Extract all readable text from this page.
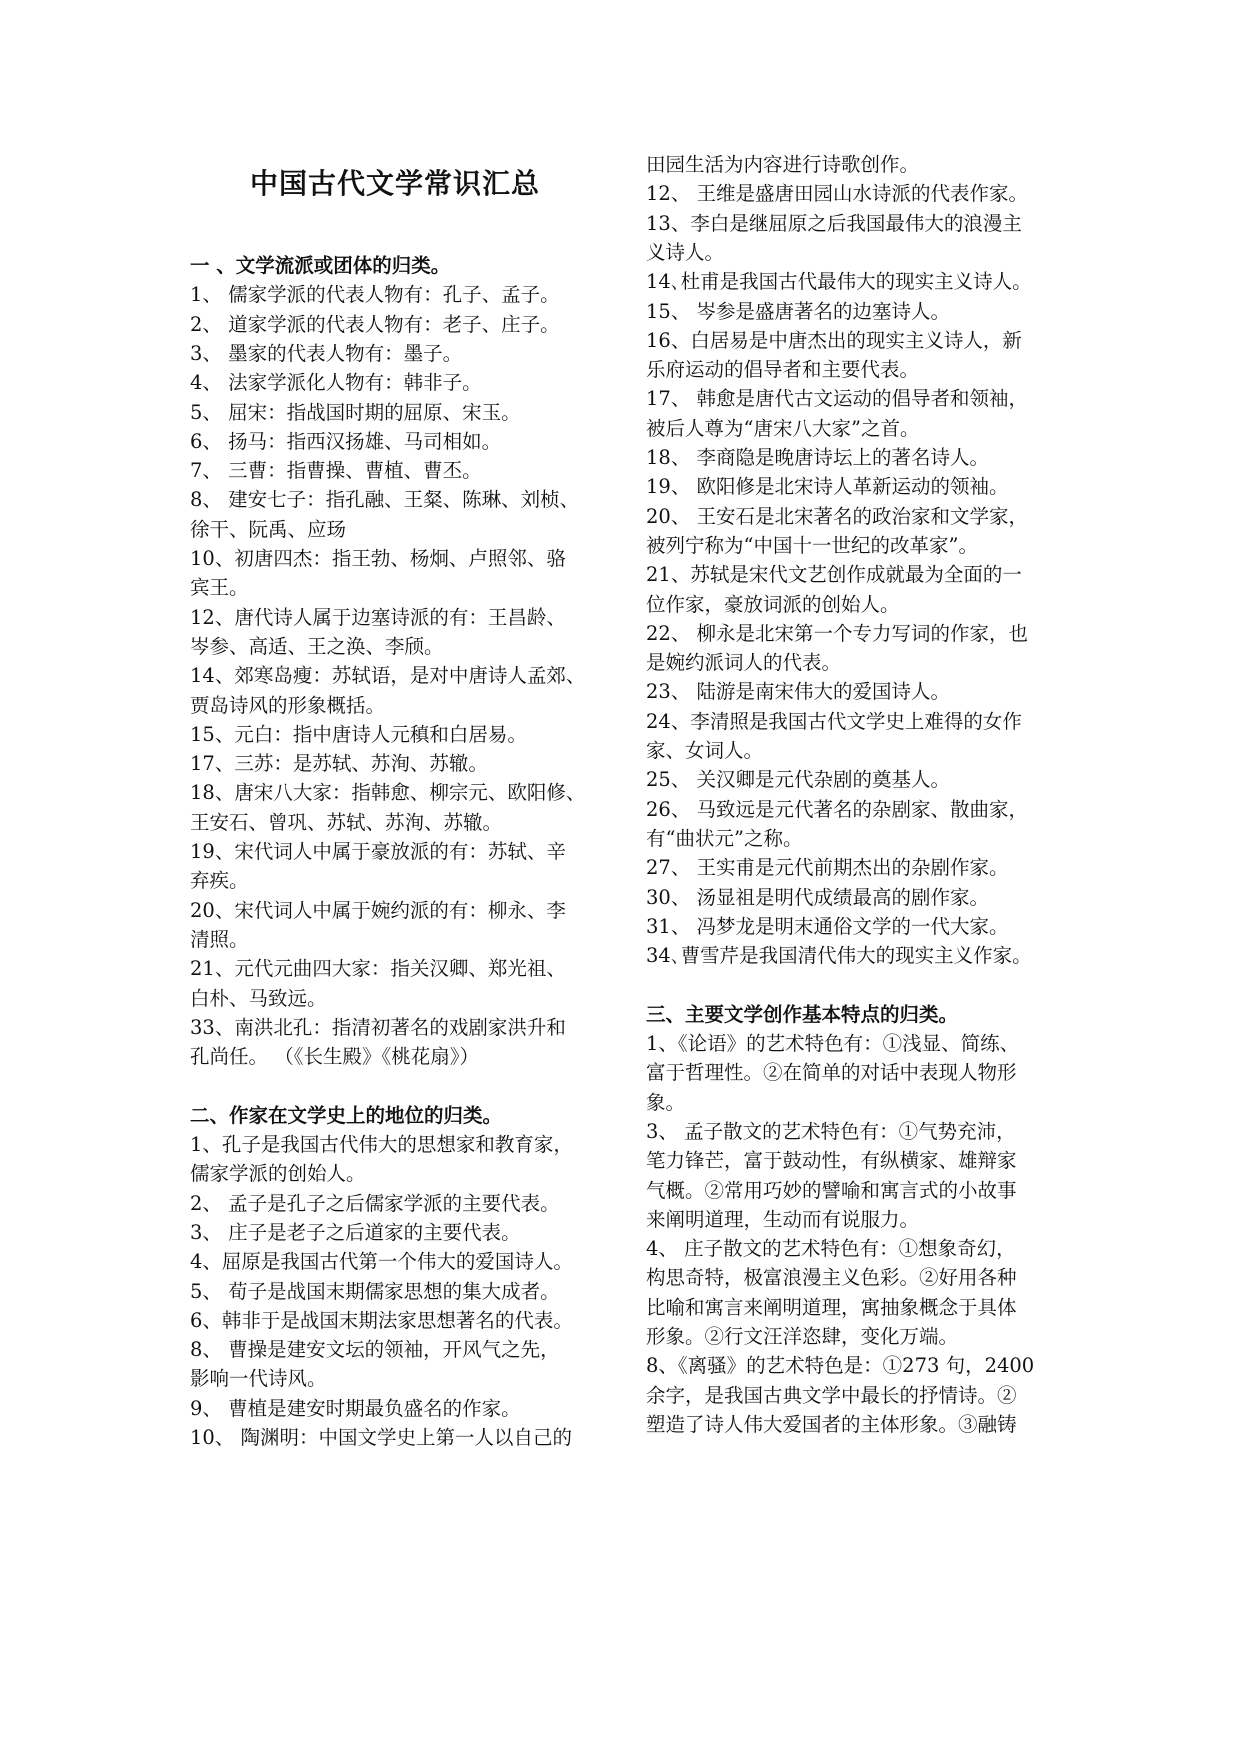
中国古代文学常识汇总
一 、文学流派或团体的归类。
1、 儒家学派的代表人物有：孔子、孟子。
2、 道家学派的代表人物有：老子、庄子。
3、 墨家的代表人物有：墨子。
4、 法家学派化人物有：韩非子。
5、 屈宋：指战国时期的屈原、宋玉。
6、 扬马：指西汉扬雄、马司相如。
7、 三曹：指曹操、曹植、曹丕。
8、 建安七子：指孔融、王粲、陈琳、刘桢、
徐干、阮禹、应玚
10、初唐四杰：指王勃、杨炯、卢照邻、骆
宾王。
12、唐代诗人属于边塞诗派的有：王昌龄、
岑参、高适、王之涣、李颀。
14、郊寒岛瘦：苏轼语，是对中唐诗人孟郊、
贾岛诗风的形象概括。
15、元白：指中唐诗人元稹和白居易。
17、三苏：是苏轼、苏洵、苏辙。
18、唐宋八大家：指韩愈、柳宗元、欧阳修、
王安石、曾巩、苏轼、苏洵、苏辙。
19、宋代词人中属于豪放派的有：苏轼、辛
弃疾。
20、宋代词人中属于婉约派的有：柳永、李
清照。
21、元代元曲四大家：指关汉卿、郑光祖、
白朴、马致远。
33、南洪北孔：指清初著名的戏剧家洪升和
孔尚任。 （《长生殿》《桃花扇》）
二、作家在文学史上的地位的归类。
1、孔子是我国古代伟大的思想家和教育家，
儒家学派的创始人。
2、 孟子是孔子之后儒家学派的主要代表。
3、 庄子是老子之后道家的主要代表。
4、屈原是我国古代第一个伟大的爱国诗人。
5、 荀子是战国末期儒家思想的集大成者。
6、韩非于是战国末期法家思想著名的代表。
8、 曹操是建安文坛的领袖，开风气之先，
影响一代诗风。
9、 曹植是建安时期最负盛名的作家。
10、 陶渊明：中国文学史上第一人以自己的
田园生活为内容进行诗歌创作。
12、 王维是盛唐田园山水诗派的代表作家。
13、李白是继屈原之后我国最伟大的浪漫主
义诗人。
14､杜甫是我国古代最伟大的现实主义诗人。
15、 岑参是盛唐著名的边塞诗人。
16、白居易是中唐杰出的现实主义诗人，新
乐府运动的倡导者和主要代表。
17、 韩愈是唐代古文运动的倡导者和领袖，
被后人尊为“唐宋八大家”之首。
18、 李商隐是晚唐诗坛上的著名诗人。
19、 欧阳修是北宋诗人革新运动的领袖。
20、 王安石是北宋著名的政治家和文学家，
被列宁称为“中国十一世纪的改革家”。
21、苏轼是宋代文艺创作成就最为全面的一
位作家，豪放词派的创始人。
22、 柳永是北宋第一个专力写词的作家，也
是婉约派词人的代表。
23、 陆游是南宋伟大的爱国诗人。
24、李清照是我国古代文学史上难得的女作
家、女词人。
25、 关汉卿是元代杂剧的奠基人。
26、 马致远是元代著名的杂剧家、散曲家，
有“曲状元”之称。
27、 王实甫是元代前期杰出的杂剧作家。
30、 汤显祖是明代成绩最高的剧作家。
31、 冯梦龙是明末通俗文学的一代大家。
34､曹雪芹是我国清代伟大的现实主义作家。
三、主要文学创作基本特点的归类。
1、《论语》的艺术特色有：①浅显、简练、
富于哲理性。②在简单的对话中表现人物形
象。
3、 孟子散文的艺术特色有：①气势充沛，
笔力锋芒，富于鼓动性，有纵横家、雄辩家
气概。②常用巧妙的譬喻和寓言式的小故事
来阐明道理，生动而有说服力。
4、 庄子散文的艺术特色有：①想象奇幻，
构思奇特，极富浪漫主义色彩。②好用各种
比喻和寓言来阐明道理，寓抽象概念于具体
形象。②行文汪洋恣肆，变化万端。
8、《离骚》的艺术特色是：①273 句，2400
余字，是我国古典文学中最长的抒情诗。②
塑造了诗人伟大爱国者的主体形象。③融铸
